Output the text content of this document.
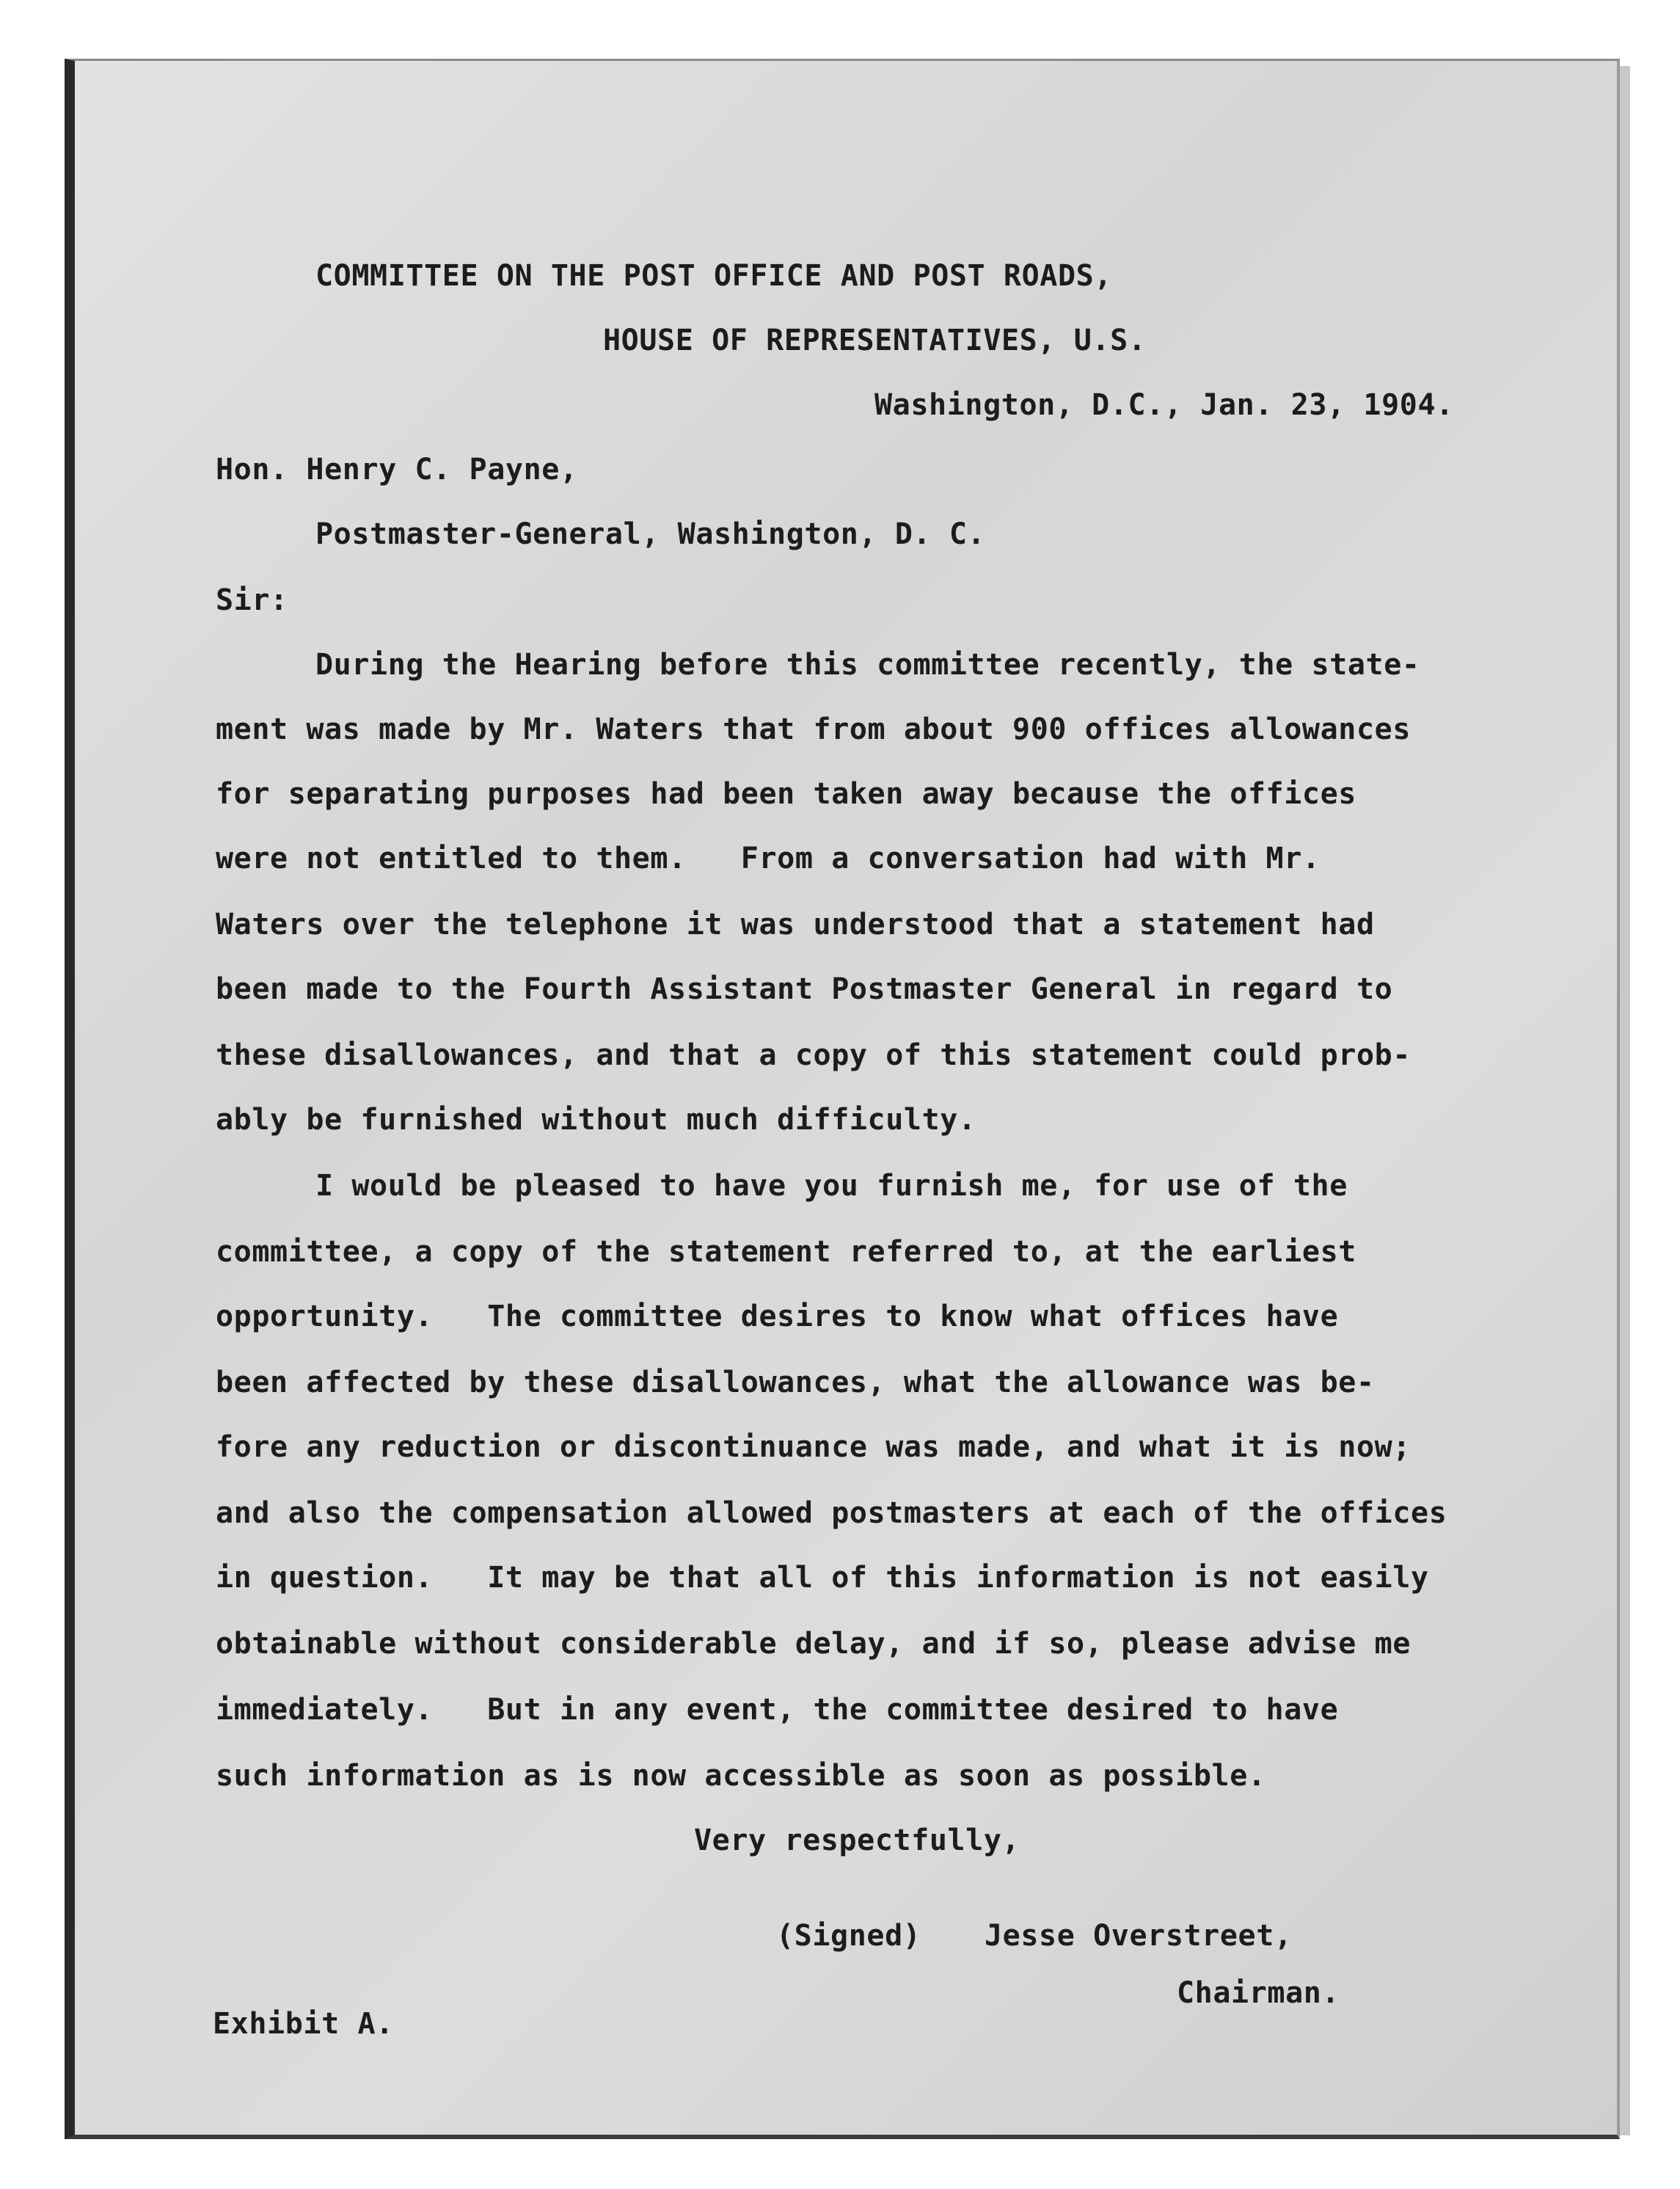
COMMITTEE ON THE POST OFFICE AND POST ROADS,
HOUSE OF REPRESENTATIVES, U.S.
Washington, D.C., Jan. 23, 1904.
Hon. Henry C. Payne,
Postmaster-General, Washington, D. C.
Sir:
During the Hearing before this committee recently, the state-
ment was made by Mr. Waters that from about 900 offices allowances
for separating purposes had been taken away because the offices
were not entitled to them.   From a conversation had with Mr.
Waters over the telephone it was understood that a statement had
been made to the Fourth Assistant Postmaster General in regard to
these disallowances, and that a copy of this statement could prob-
ably be furnished without much difficulty.
I would be pleased to have you furnish me, for use of the
committee, a copy of the statement referred to, at the earliest
opportunity.   The committee desires to know what offices have
been affected by these disallowances, what the allowance was be-
fore any reduction or discontinuance was made, and what it is now;
and also the compensation allowed postmasters at each of the offices
in question.   It may be that all of this information is not easily
obtainable without considerable delay, and if so, please advise me
immediately.   But in any event, the committee desired to have
such information as is now accessible as soon as possible.
Very respectfully,
(Signed) Jesse Overstreet,
Chairman.
Exhibit A.
